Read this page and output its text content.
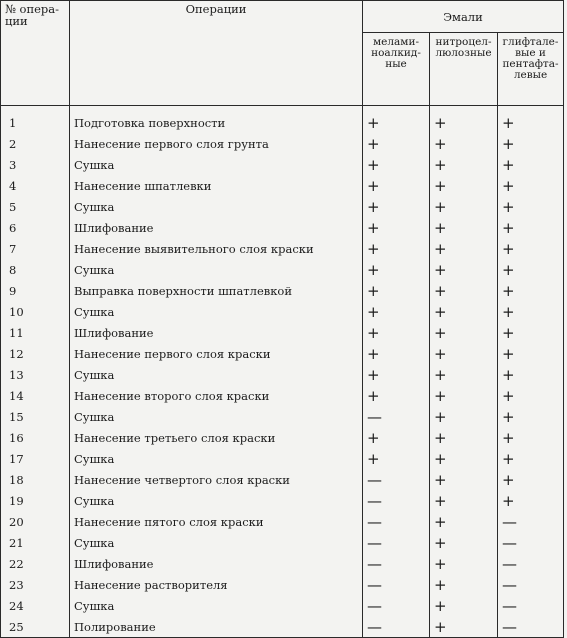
№ опера-
ции	Операции	Эмали		
		мелами-
ноалкид-
ные	нитроцел-
люлозные	глифтале-
вые и
пентафта-
левые
1	Подготовка поверхности	+	+	+
2	Нанесение первого слоя грунта	+	+	+
3	Сушка	+	+	+
4	Нанесение шпатлевки	+	+	+
5	Сушка	+	+	+
6	Шлифование	+	+	+
7	Нанесение выявительного слоя краски	+	+	+
8	Сушка	+	+	+
9	Выправка поверхности шпатлевкой	+	+	+
10	Сушка	+	+	+
11	Шлифование	+	+	+
12	Нанесение первого слоя краски	+	+	+
13	Сушка	+	+	+
14	Нанесение второго слоя краски	+	+	+
15	Сушка	—	+	+
16	Нанесение третьего слоя краски	+	+	+
17	Сушка	+	+	+
18	Нанесение четвертого слоя краски	—	+	+
19	Сушка	—	+	+
20	Нанесение пятого слоя краски	—	+	—
21	Сушка	—	+	—
22	Шлифование	—	+	—
23	Нанесение растворителя	—	+	—
24	Сушка	—	+	—
25	Полирование	—	+	—
